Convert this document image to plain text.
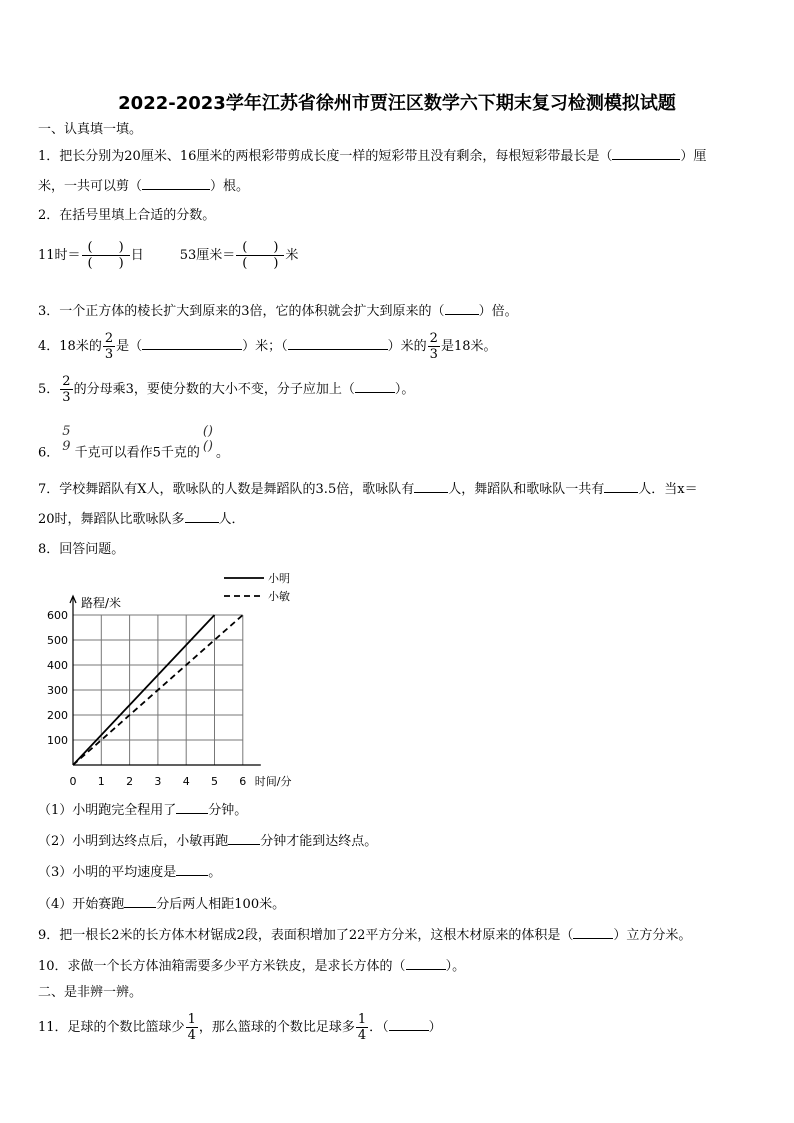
2022-2023学年江苏省徐州市贾汪区数学六下期末复习检测模拟试题
一、认真填一填。
1．把长分别为20厘米、16厘米的两根彩带剪成长度一样的短彩带且没有剩余，每根短彩带最长是（	）厘
米，一共可以剪（	）根。
2．在括号里填上合适的分数。
11时＝ $\frac{( )}{( )}$ 日	53厘米＝ $\frac{( )}{( )}$ 米
3．一个正方体的棱长扩大到原来的3倍，它的体积就会扩大到原来的（	）倍。
4．18米的 $\frac{2}{3}$ 是（	）米；（	）米的 $\frac{2}{3}$ 是18米。
5． $\frac{2}{3}$ 的分母乘3，要使分数的大小不变，分子应加上（	）。
6．
5
9 千克可以看作5千克的
()
() 。
7．学校舞蹈队有X人，歌咏队的人数是舞蹈队的3.5倍，歌咏队有	人，舞蹈队和歌咏队一共有	人．当x＝
20时，舞蹈队比歌咏队多	人．
8．回答问题。
0 1 2 3 4 5 6
100
200
300
400
500
600
时间/分
路程/米
小明
小敏
（1）小明跑完全程用了 分钟。
（2）小明到达终点后，小敏再跑 分钟才能到达终点。
（3）小明的平均速度是 。
（4）开始赛跑 分后两人相距100米。
9．把一根长2米的长方体木材锯成2段，表面积增加了22平方分米，这根木材原来的体积是（	）立方分米。
10．求做一个长方体油箱需要多少平方米铁皮，是求长方体的（	）。
二、是非辨一辨。
11．足球的个数比篮球少 $\frac{1}{4}$ ，那么篮球的个数比足球多 $\frac{1}{4}$ ．（	）
